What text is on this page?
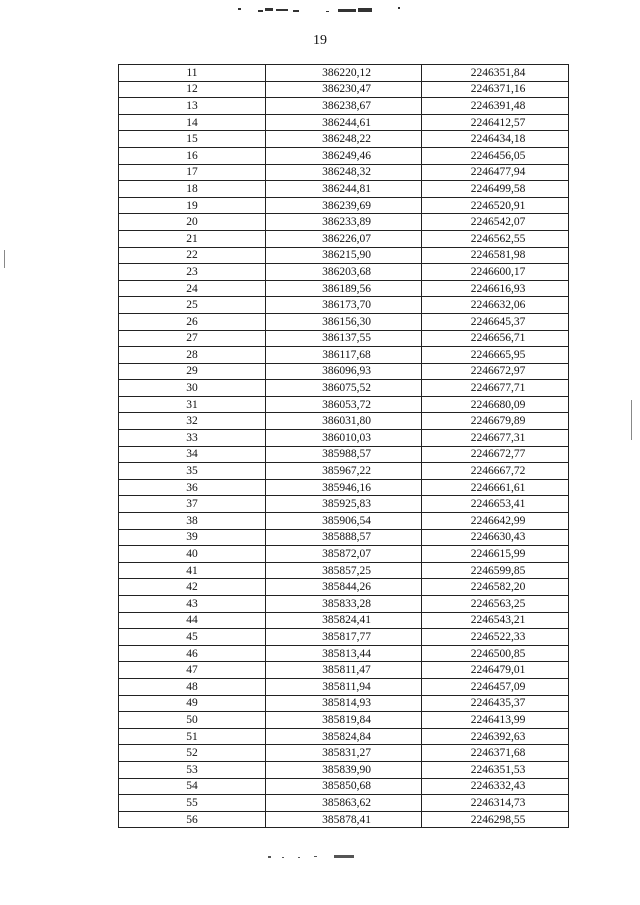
19
11	386220,12	2246351,84
12	386230,47	2246371,16
13	386238,67	2246391,48
14	386244,61	2246412,57
15	386248,22	2246434,18
16	386249,46	2246456,05
17	386248,32	2246477,94
18	386244,81	2246499,58
19	386239,69	2246520,91
20	386233,89	2246542,07
21	386226,07	2246562,55
22	386215,90	2246581,98
23	386203,68	2246600,17
24	386189,56	2246616,93
25	386173,70	2246632,06
26	386156,30	2246645,37
27	386137,55	2246656,71
28	386117,68	2246665,95
29	386096,93	2246672,97
30	386075,52	2246677,71
31	386053,72	2246680,09
32	386031,80	2246679,89
33	386010,03	2246677,31
34	385988,57	2246672,77
35	385967,22	2246667,72
36	385946,16	2246661,61
37	385925,83	2246653,41
38	385906,54	2246642,99
39	385888,57	2246630,43
40	385872,07	2246615,99
41	385857,25	2246599,85
42	385844,26	2246582,20
43	385833,28	2246563,25
44	385824,41	2246543,21
45	385817,77	2246522,33
46	385813,44	2246500,85
47	385811,47	2246479,01
48	385811,94	2246457,09
49	385814,93	2246435,37
50	385819,84	2246413,99
51	385824,84	2246392,63
52	385831,27	2246371,68
53	385839,90	2246351,53
54	385850,68	2246332,43
55	385863,62	2246314,73
56	385878,41	2246298,55
